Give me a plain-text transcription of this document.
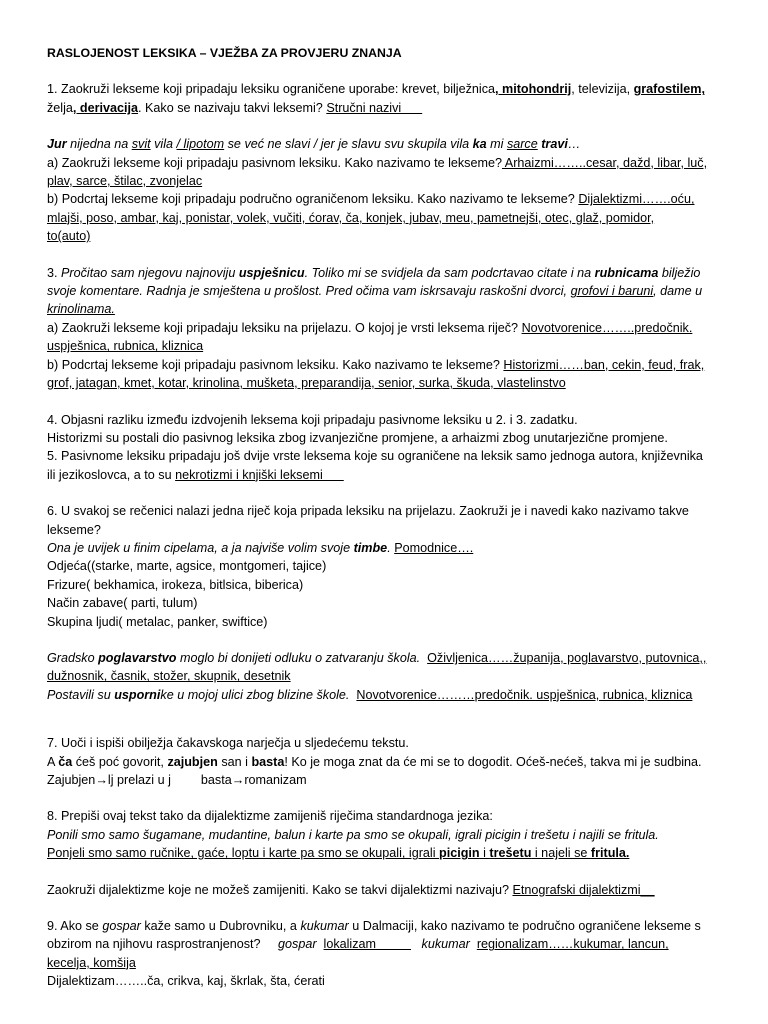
RASLOJENOST LEKSIKA – VJEŽBA ZA PROVJERU ZNANJA
1. Zaokruži lekseme koji pripadaju leksiku ograničene uporabe: krevet, bilježnica, mitohondrij, televizija, grafostilem,
želja, derivacija. Kako se nazivaju takvi leksemi? Stručni nazivi
Jur nijedna na svit vila / lipotom se već ne slavi / jer je slavu svu skupila vila ka mi sarce travi…
a) Zaokruži lekseme koji pripadaju pasivnom leksiku. Kako nazivamo te lekseme? Arhaizmi……..cesar, dažd, libar, luč,
plav, sarce, štilac, zvonjelac
b) Podcrtaj lekseme koji pripadaju područno ograničenom leksiku. Kako nazivamo te lekseme? Dijalektizmi…….oću,
mlajši, poso, ambar, kaj, ponistar, volek, vučiti, ćorav, ča, konjek, jubav, meu, pametnejši, otec, glaž, pomidor,
to(auto)
3. Pročitao sam njegovu najnoviju uspješnicu. Toliko mi se svidjela da sam podcrtavao citate i na rubnicama bilježio
svoje komentare. Radnja je smještena u prošlost. Pred očima vam iskrsavaju raskošni dvorci, grofovi i baruni, dame u
krinolinama.
a) Zaokruži lekseme koji pripadaju leksiku na prijelazu. O kojoj je vrsti leksema riječ? Novotvorenice……..predočnik.
uspješnica, rubnica, kliznica
b) Podcrtaj lekseme koji pripadaju pasivnom leksiku. Kako nazivamo te lekseme? Historizmi……ban, cekin, feud, frak,
grof, jatagan, kmet, kotar, krinolina, mušketa, preparandija, senior, surka, škuda, vlastelinstvo
4. Objasni razliku između izdvojenih leksema koji pripadaju pasivnome leksiku u 2. i 3. zadatku.
Historizmi su postali dio pasivnog leksika zbog izvanjezične promjene, a arhaizmi zbog unutarjezične promjene.
5. Pasivnome leksiku pripadaju još dvije vrste leksema koje su ograničene na leksik samo jednoga autora, književnika
ili jezikoslovca, a to su nekrotizmi i knjiški leksemi
6. U svakoj se rečenici nalazi jedna riječ koja pripada leksiku na prijelazu. Zaokruži je i navedi kako nazivamo takve
lekseme?
Ona je uvijek u finim cipelama, a ja najviše volim svoje timbe. Pomodnice….
Odjeća((starke, marte, agsice, montgomeri, tajice)
Frizure( bekhamica, irokeza, bitlsica, biberica)
Način zabave( parti, tulum)
Skupina ljudi( metalac, panker, swiftice)
Gradsko poglavarstvo moglo bi donijeti odluku o zatvaranju škola. Oživljenica……županija, poglavarstvo, putovnica,,
dužnosnik, časnik, stožer, skupnik, desetnik
Postavili su uspornike u mojoj ulici zbog blizine škole. Novotvorenice………predočnik. uspješnica, rubnica, kliznica
7. Uoči i ispiši obilježja čakavskoga narječja u sljedećemu tekstu.
A ča ćeš poć govorit, zajubjen san i basta! Ko je moga znat da će mi se to dogodit. Oćeš-nećeš, takva mi je sudbina.
Zajubjen→lj prelazi u j basta→romanizam
8. Prepiši ovaj tekst tako da dijalektizme zamijeniš riječima standardnoga jezika:
Ponili smo samo šugamane, mudantine, balun i karte pa smo se okupali, igrali picigin i trešetu i najili se fritula.
Ponjeli smo samo ručnike, gaće, loptu i karte pa smo se okupali, igrali picigin i trešetu i najeli se fritula.
Zaokruži dijalektizme koje ne možeš zamijeniti. Kako se takvi dijalektizmi nazivaju? Etnografski dijalektizmi__
9. Ako se gospar kaže samo u Dubrovniku, a kukumar u Dalmaciji, kako nazivamo te područno ograničene lekseme s
obzirom na njihovu rasprostranjenost?     gospar lokalizam             kukumar regionalizam……kukumar, lancun,
kecelja, komšija
Dijalektizam……..ča, crikva, kaj, škrlak, šta, ćerati
